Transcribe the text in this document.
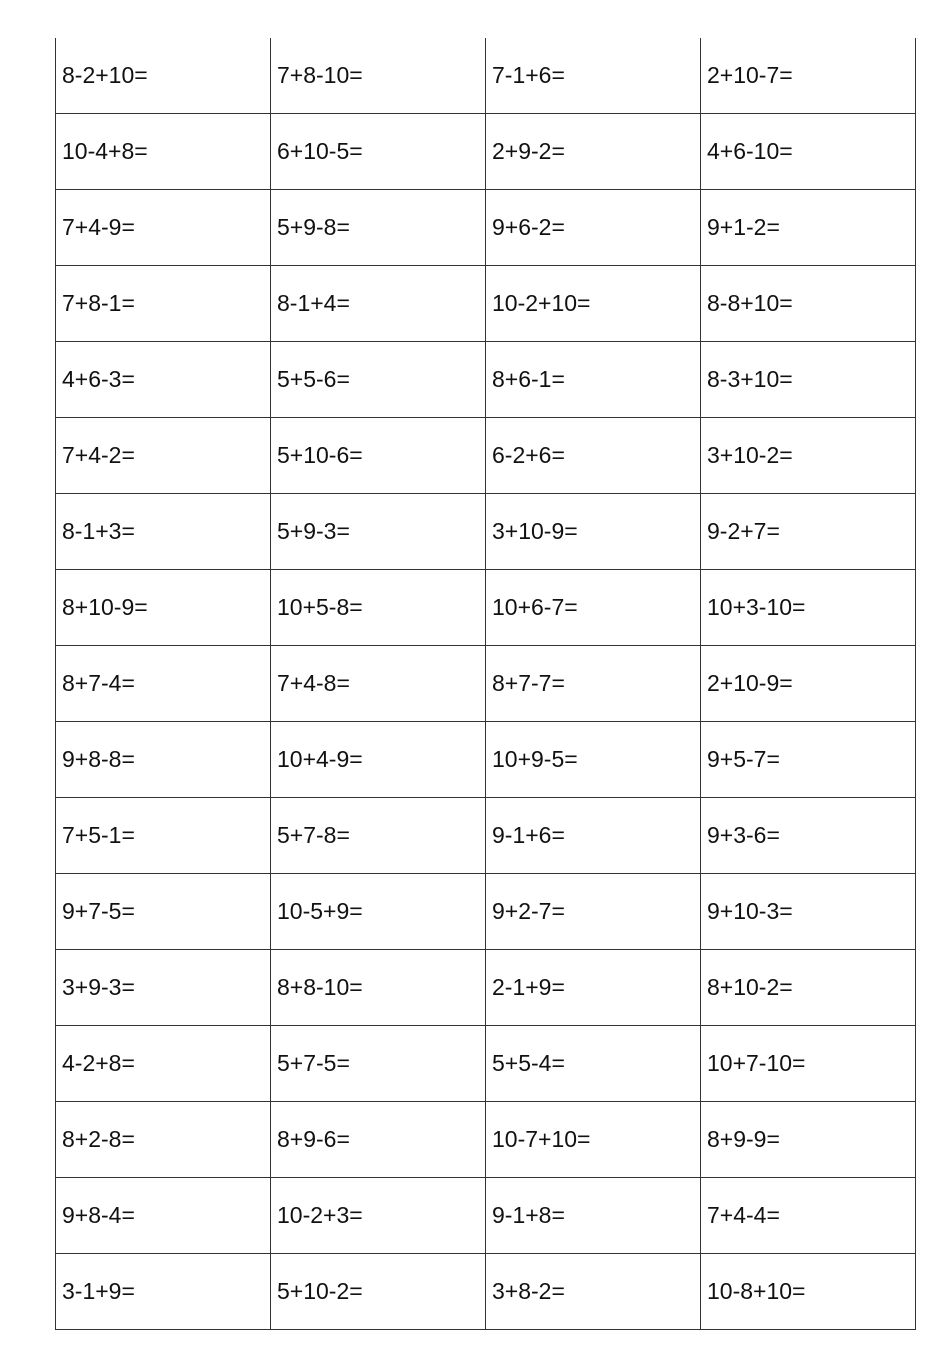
8-2+10=	7+8-10=	7-1+6=	2+10-7=
10-4+8=	6+10-5=	2+9-2=	4+6-10=
7+4-9=	5+9-8=	9+6-2=	9+1-2=
7+8-1=	8-1+4=	10-2+10=	8-8+10=
4+6-3=	5+5-6=	8+6-1=	8-3+10=
7+4-2=	5+10-6=	6-2+6=	3+10-2=
8-1+3=	5+9-3=	3+10-9=	9-2+7=
8+10-9=	10+5-8=	10+6-7=	10+3-10=
8+7-4=	7+4-8=	8+7-7=	2+10-9=
9+8-8=	10+4-9=	10+9-5=	9+5-7=
7+5-1=	5+7-8=	9-1+6=	9+3-6=
9+7-5=	10-5+9=	9+2-7=	9+10-3=
3+9-3=	8+8-10=	2-1+9=	8+10-2=
4-2+8=	5+7-5=	5+5-4=	10+7-10=
8+2-8=	8+9-6=	10-7+10=	8+9-9=
9+8-4=	10-2+3=	9-1+8=	7+4-4=
3-1+9=	5+10-2=	3+8-2=	10-8+10=
